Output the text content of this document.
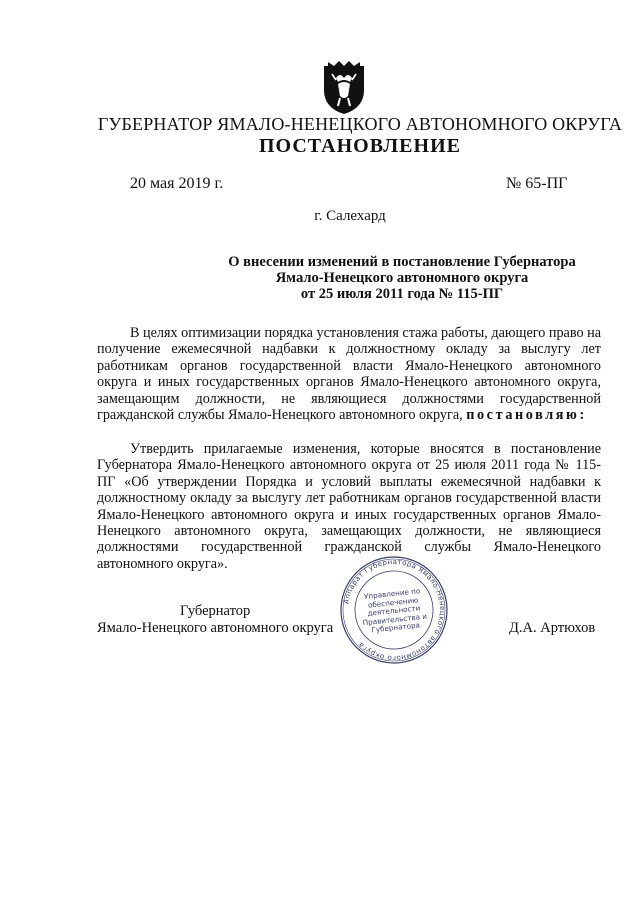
ГУБЕРНАТОР ЯМАЛО-НЕНЕЦКОГО АВТОНОМНОГО ОКРУГА
ПОСТАНОВЛЕНИЕ
20 мая 2019 г.	№ 65-ПГ
г. Салехард
О внесении изменений в постановление Губернатора
Ямало-Ненецкого автономного округа
от 25 июля 2011 года № 115-ПГ
В целях оптимизации порядка установления стажа работы, дающего право на получение ежемесячной надбавки к должностному окладу за выслугу лет работникам органов государственной власти Ямало-Ненецкого автономного округа и иных государственных органов Ямало-Ненецкого автономного округа, замещающим должности, не являющиеся должностями государственной гражданской службы Ямало-Ненецкого автономного округа, постановляю:
Утвердить прилагаемые изменения, которые вносятся в постановление Губернатора Ямало-Ненецкого автономного округа от 25 июля 2011 года № 115-ПГ «Об утверждении Порядка и условий выплаты ежемесячной надбавки к должностному окладу за выслугу лет работникам органов государственной власти Ямало-Ненецкого автономного округа и иных государственных органов Ямало-Ненецкого автономного округа, замещающих должности, не являющиеся должностями государственной гражданской службы Ямало-Ненецкого автономного округа».
Губернатор
Ямало-Ненецкого автономного округа	Д.А. Артюхов
Аппарат Губернатора Ямало-Ненецкого автономного округа
Управление по обеспечению деятельности Правительства и Губернатора
